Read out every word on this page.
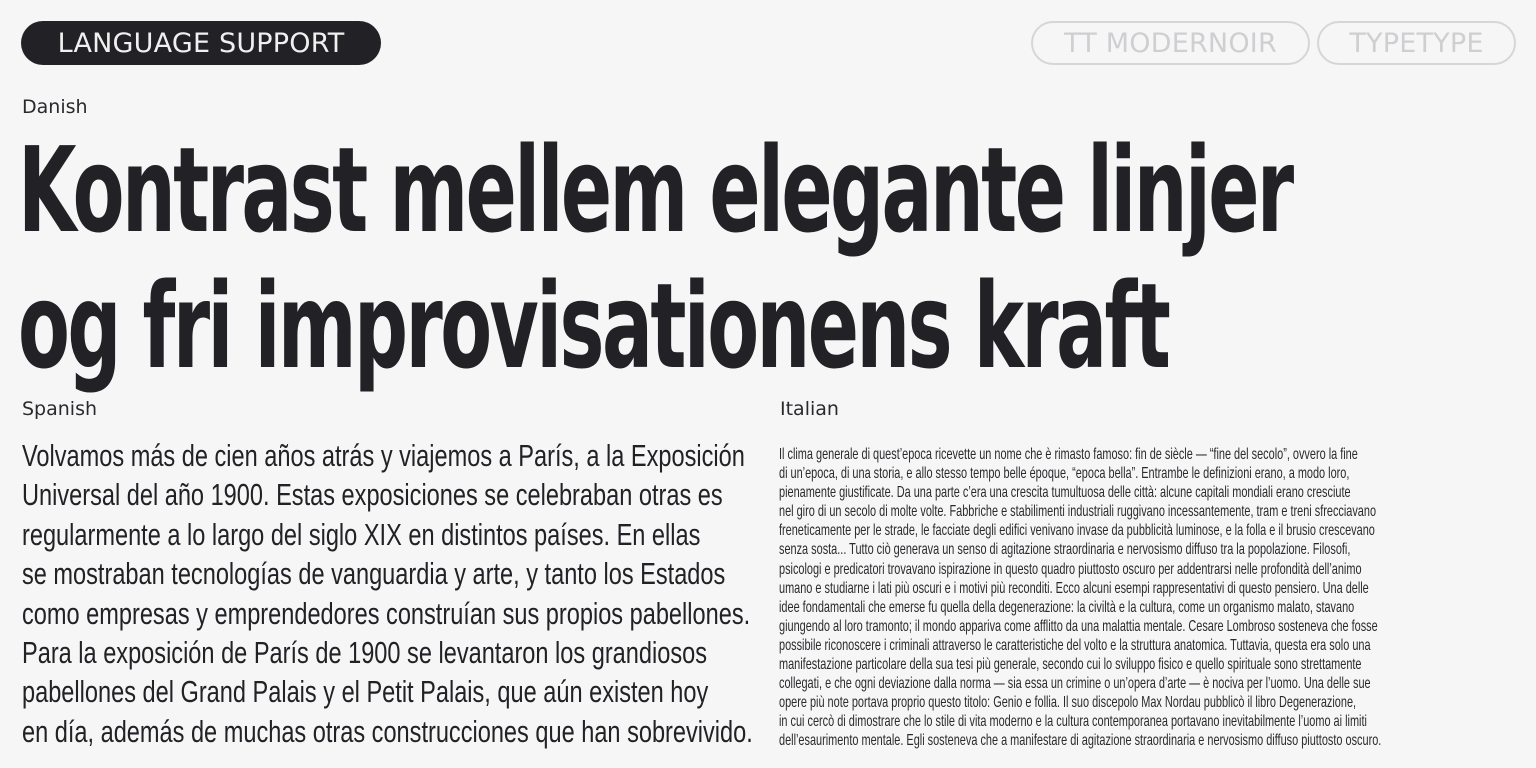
LANGUAGE SUPPORT	TT MODERNOIR	TYPETYPE
Danish
Kontrast mellem elegante linjer
og fri improvisationens kraft
Spanish
Volvamos más de cien años atrás y viajemos a París, a la Exposición
Universal del año 1900. Estas exposiciones se celebraban otras es
regularmente a lo largo del siglo XIX en distintos países. En ellas
se mostraban tecnologías de vanguardia y arte, y tanto los Estados
como empresas y emprendedores construían sus propios pabellones.
Para la exposición de París de 1900 se levantaron los grandiosos
pabellones del Grand Palais y el Petit Palais, que aún existen hoy
en día, además de muchas otras construcciones que han sobrevivido.
Italian
Il clima generale di quest’epoca ricevette un nome che è rimasto famoso: fin de siècle — “fine del secolo”, ovvero la fine
di un’epoca, di una storia, e allo stesso tempo belle époque, “epoca bella”. Entrambe le definizioni erano, a modo loro,
pienamente giustificate. Da una parte c’era una crescita tumultuosa delle città: alcune capitali mondiali erano cresciute
nel giro di un secolo di molte volte. Fabbriche e stabilimenti industriali ruggivano incessantemente, tram e treni sfrecciavano
freneticamente per le strade, le facciate degli edifici venivano invase da pubblicità luminose, e la folla e il brusio crescevano
senza sosta... Tutto ciò generava un senso di agitazione straordinaria e nervosismo diffuso tra la popolazione. Filosofi,
psicologi e predicatori trovavano ispirazione in questo quadro piuttosto oscuro per addentrarsi nelle profondità dell’animo
umano e studiarne i lati più oscuri e i motivi più reconditi. Ecco alcuni esempi rappresentativi di questo pensiero. Una delle
idee fondamentali che emerse fu quella della degenerazione: la civiltà e la cultura, come un organismo malato, stavano
giungendo al loro tramonto; il mondo appariva come afflitto da una malattia mentale. Cesare Lombroso sosteneva che fosse
possibile riconoscere i criminali attraverso le caratteristiche del volto e la struttura anatomica. Tuttavia, questa era solo una
manifestazione particolare della sua tesi più generale, secondo cui lo sviluppo fisico e quello spirituale sono strettamente
collegati, e che ogni deviazione dalla norma — sia essa un crimine o un’opera d’arte — è nociva per l’uomo. Una delle sue
opere più note portava proprio questo titolo: Genio e follia. Il suo discepolo Max Nordau pubblicò il libro Degenerazione,
in cui cercò di dimostrare che lo stile di vita moderno e la cultura contemporanea portavano inevitabilmente l’uomo ai limiti
dell’esaurimento mentale. Egli sosteneva che a manifestare di agitazione straordinaria e nervosismo diffuso piuttosto oscuro.
